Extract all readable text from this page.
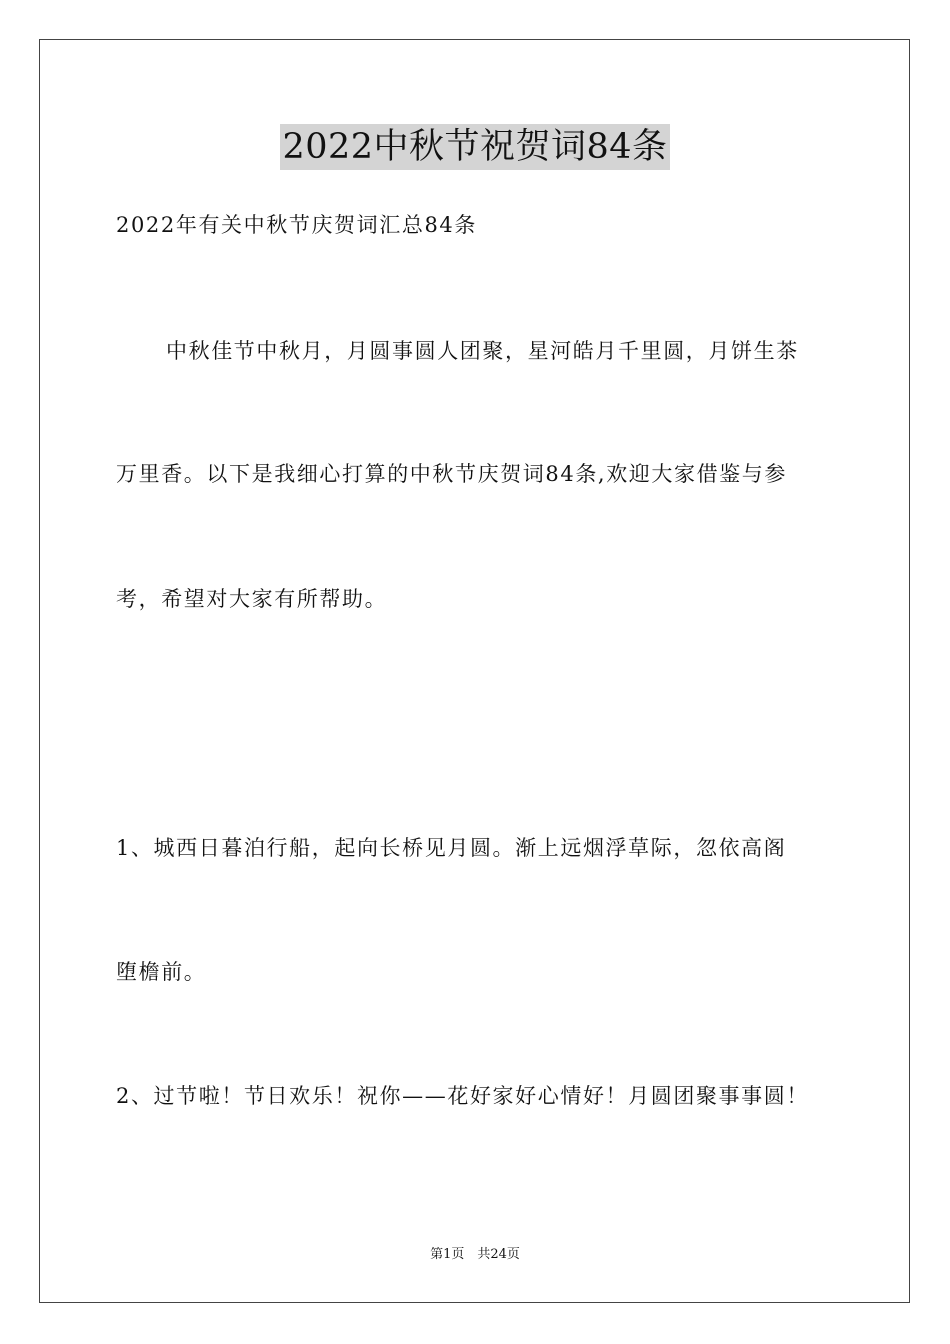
2022中秋节祝贺词84条
2022年有关中秋节庆贺词汇总84条
中秋佳节中秋月，月圆事圆人团聚，星河皓月千里圆，月饼生茶
万里香。以下是我细心打算的中秋节庆贺词84条,欢迎大家借鉴与参
考，希望对大家有所帮助。
1、城西日暮泊行船，起向长桥见月圆。渐上远烟浮草际，忽依高阁
堕檐前。
2、过节啦！节日欢乐！祝你——花好家好心情好！月圆团聚事事圆！
第1页　共24页
